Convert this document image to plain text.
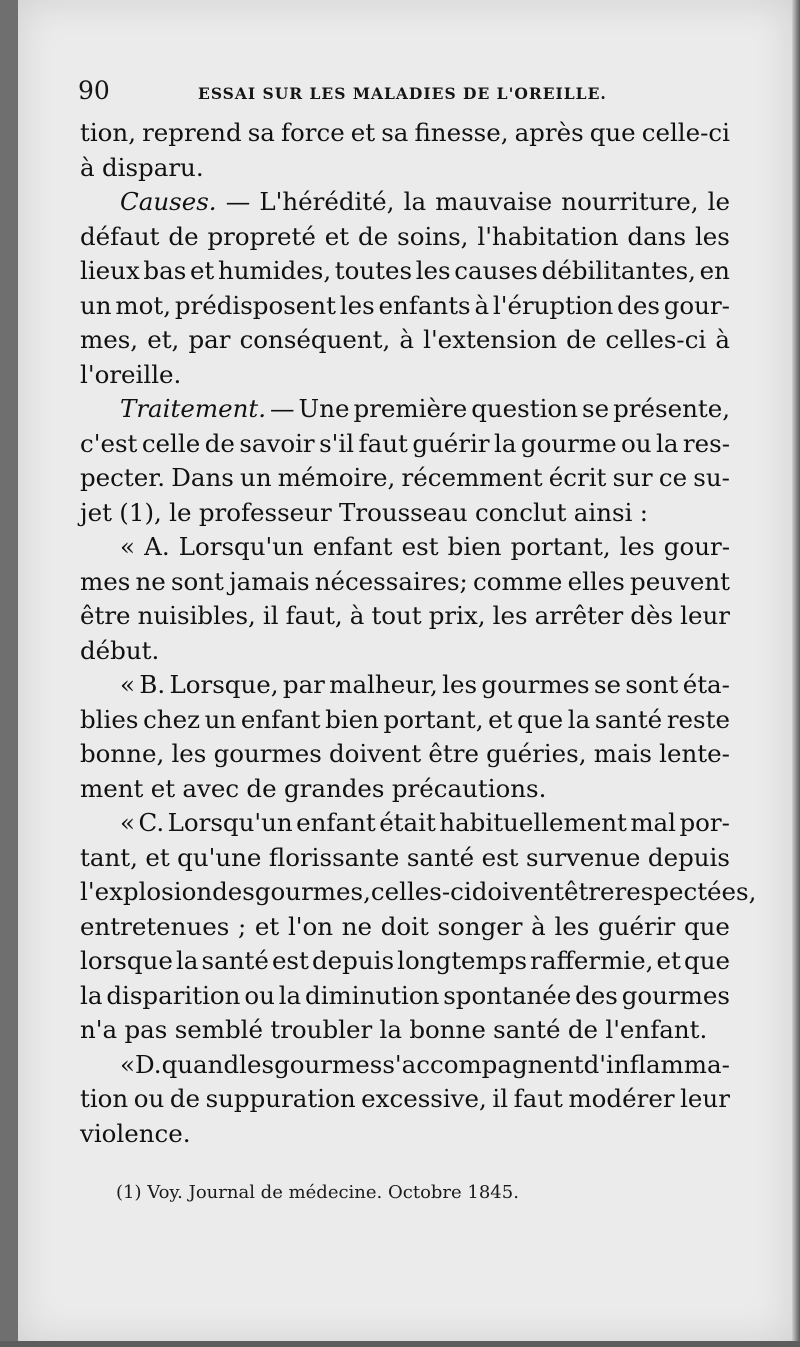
90	ESSAI SUR LES MALADIES DE L'OREILLE.
tion, reprend sa force et sa finesse, après que celle-ci
à disparu.
Causes. — L'hérédité, la mauvaise nourriture, le
défaut de propreté et de soins, l'habitation dans les
lieux bas et humides, toutes les causes débilitantes, en
un mot, prédisposent les enfants à l'éruption des gour-
mes, et, par conséquent, à l'extension de celles-ci à
l'oreille.
Traitement. — Une première question se présente,
c'est celle de savoir s'il faut guérir la gourme ou la res-
pecter. Dans un mémoire, récemment écrit sur ce su-
jet (1), le professeur Trousseau conclut ainsi :
« A. Lorsqu'un enfant est bien portant, les gour-
mes ne sont jamais nécessaires; comme elles peuvent
être nuisibles, il faut, à tout prix, les arrêter dès leur
début.
« B. Lorsque, par malheur, les gourmes se sont éta-
blies chez un enfant bien portant, et que la santé reste
bonne, les gourmes doivent être guéries, mais lente-
ment et avec de grandes précautions.
« C. Lorsqu'un enfant était habituellement mal por-
tant, et qu'une florissante santé est survenue depuis
l'explosion des gourmes, celles-ci doivent être respectées,
entretenues ; et l'on ne doit songer à les guérir que
lorsque la santé est depuis longtemps raffermie, et que
la disparition ou la diminution spontanée des gourmes
n'a pas semblé troubler la bonne santé de l'enfant.
« D. quand les gourmes s'accompagnent d'inflamma-
tion ou de suppuration excessive, il faut modérer leur
violence.
(1) Voy. Journal de médecine. Octobre 1845.
